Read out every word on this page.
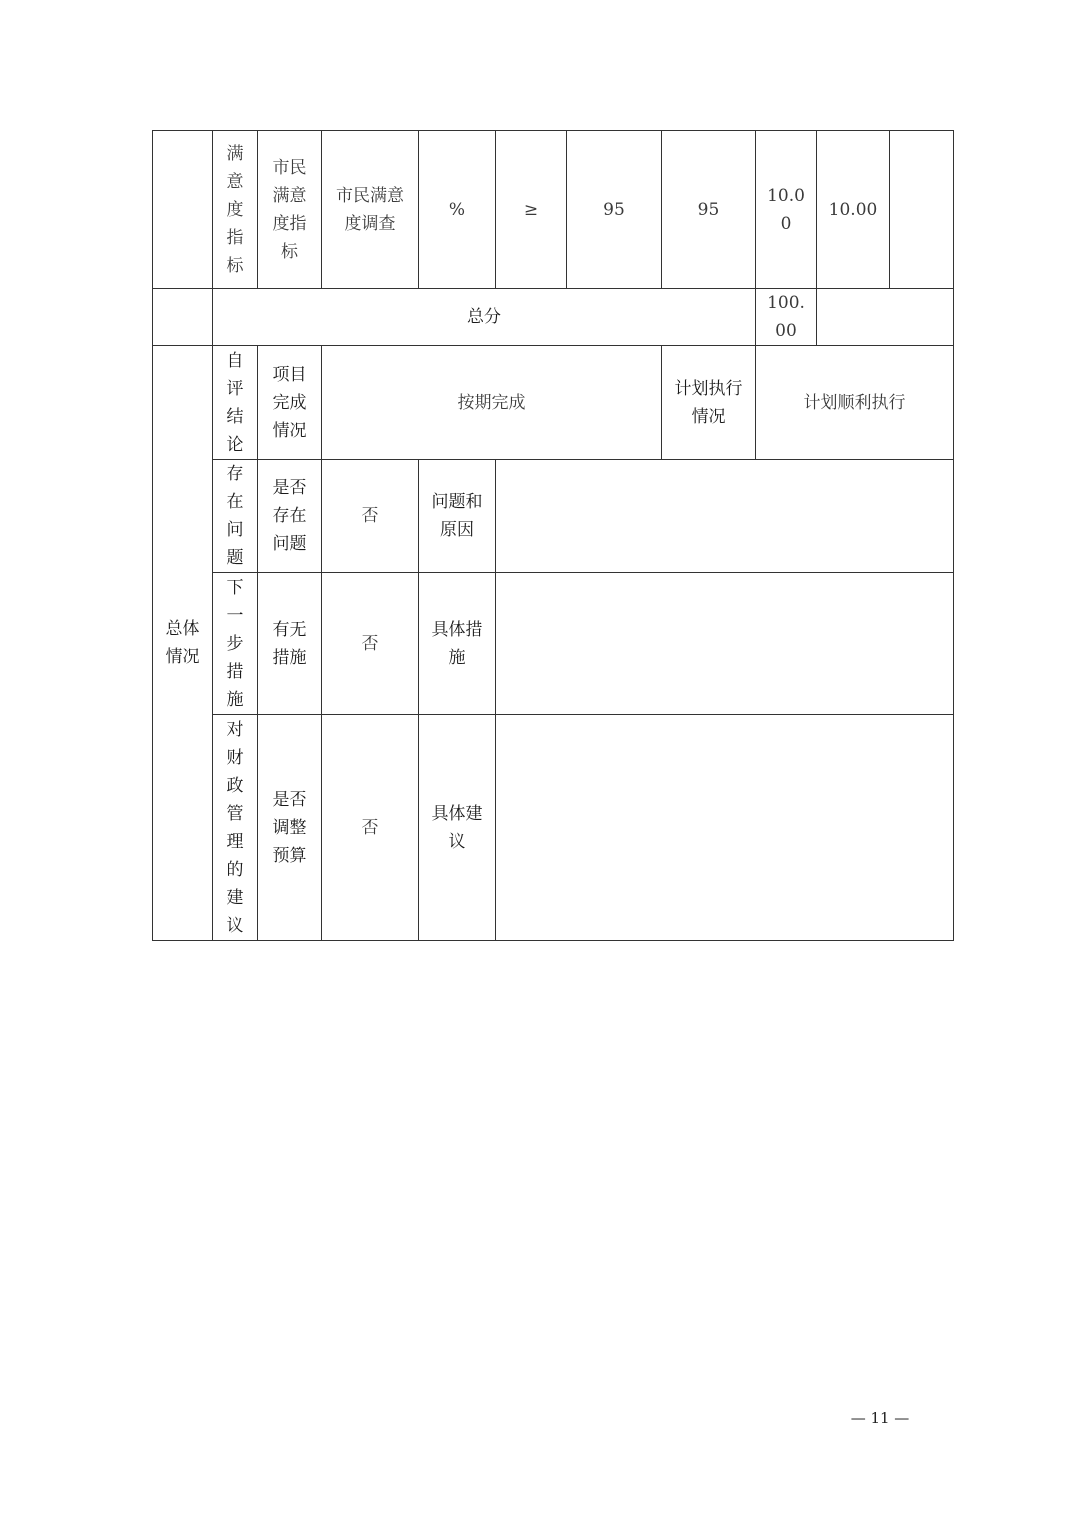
	满意度指标	市民满意度指标	市民满意度调查	%	≥	95	95	10.00	10.00	
	总分							100.00		

总体情况	自评结论	项目完成情况	按期完成				计划执行情况	计划顺利执行		

	存在问题	是否存在问题	否	问题和原因						

	下一步措施	有无措施	否	具体措施						

	对财政管理的建议	是否调整预算	否	具体建议						

— 11 —
